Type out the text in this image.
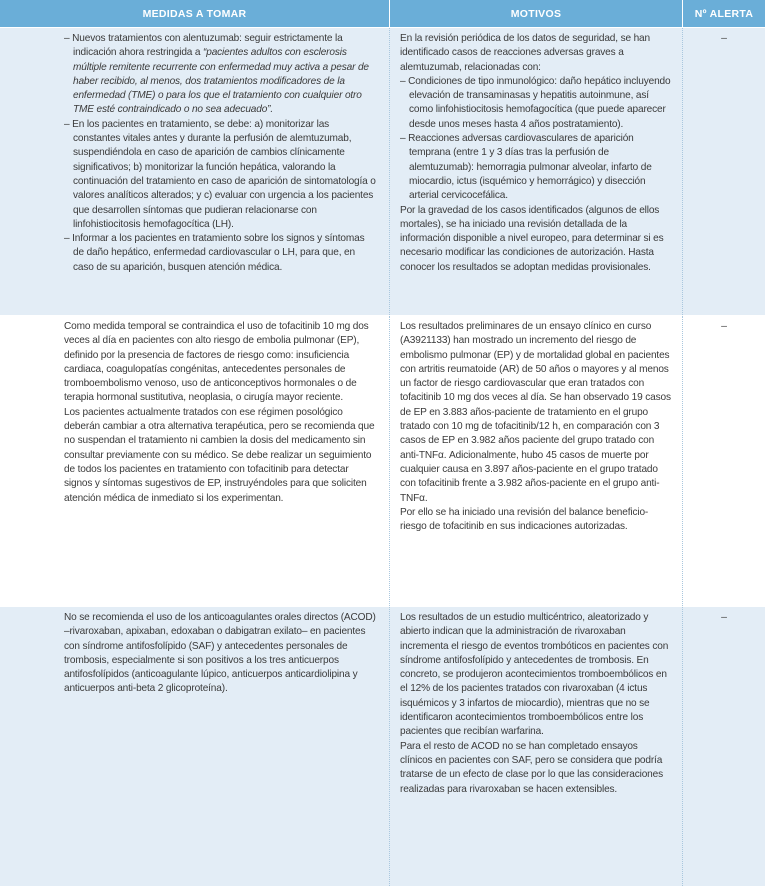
MEDIDAS A TOMAR	MOTIVOS	Nº ALERTA

– Nuevos tratamientos con alentuzumab: seguir estrictamente la indicación ahora restringida a “pacientes adultos con esclerosis múltiple remitente recurrente con enfermedad muy activa a pesar de haber recibido, al menos, dos tratamientos modificadores de la enfermedad (TME) o para los que el tratamiento con cualquier otro TME esté contraindicado o no sea adecuado”.

– En los pacientes en tratamiento, se debe: a) monitorizar las constantes vitales antes y durante la perfusión de alemtuzumab, suspendiéndola en caso de aparición de cambios clínicamente significativos; b) monitorizar la función hepática, valorando la continuación del tratamiento en caso de aparición de sintomatología o valores analíticos alterados; y c) evaluar con urgencia a los pacientes que desarrollen síntomas que pudieran relacionarse con linfohistiocitosis hemofagocítica (LH).

– Informar a los pacientes en tratamiento sobre los signos y síntomas de daño hepático, enfermedad cardiovascular o LH, para que, en caso de su aparición, busquen atención médica.

En la revisión periódica de los datos de seguridad, se han identificado casos de reacciones adversas graves a alemtuzumab, relacionadas con:

– Condiciones de tipo inmunológico: daño hepático incluyendo elevación de transaminasas y hepatitis autoinmune, así como linfohistiocitosis hemofagocítica (que puede aparecer desde unos meses hasta 4 años postratamiento).

– Reacciones adversas cardiovasculares de aparición temprana (entre 1 y 3 días tras la perfusión de alemtuzumab): hemorragia pulmonar alveolar, infarto de miocardio, ictus (isquémico y hemorrágico) y disección arterial cervicocefálica.

Por la gravedad de los casos identificados (algunos de ellos mortales), se ha iniciado una revisión detallada de la información disponible a nivel europeo, para determinar si es necesario modificar las condiciones de autorización. Hasta conocer los resultados se adoptan medidas provisionales.

–

Como medida temporal se contraindica el uso de tofacitinib 10 mg dos veces al día en pacientes con alto riesgo de embolia pulmonar (EP), definido por la presencia de factores de riesgo como: insuficiencia cardiaca, coagulopatías congénitas, antecedentes personales de tromboembolismo venoso, uso de anticonceptivos hormonales o de terapia hormonal sustitutiva, neoplasia, o cirugía mayor reciente.

Los pacientes actualmente tratados con ese régimen posológico deberán cambiar a otra alternativa terapéutica, pero se recomienda que no suspendan el tratamiento ni cambien la dosis del medicamento sin consultar previamente con su médico. Se debe realizar un seguimiento de todos los pacientes en tratamiento con tofacitinib para detectar signos y síntomas sugestivos de EP, instruyéndoles para que soliciten atención médica de inmediato si los experimentan.

Los resultados preliminares de un ensayo clínico en curso (A3921133) han mostrado un incremento del riesgo de embolismo pulmonar (EP) y de mortalidad global en pacientes con artritis reumatoide (AR) de 50 años o mayores y al menos un factor de riesgo cardiovascular que eran tratados con tofacitinib 10 mg dos veces al día. Se han observado 19 casos de EP en 3.883 años-paciente de tratamiento en el grupo tratado con 10 mg de tofacitinib/12 h, en comparación con 3 casos de EP en 3.982 años paciente del grupo tratado con anti-TNFα. Adicionalmente, hubo 45 casos de muerte por cualquier causa en 3.897 años-paciente en el grupo tratado con tofacitinib frente a 3.982 años-paciente en el grupo anti-TNFα.

Por ello se ha iniciado una revisión del balance beneficio-riesgo de tofacitinib en sus indicaciones autorizadas.

–

No se recomienda el uso de los anticoagulantes orales directos (ACOD) –rivaroxaban, apixaban, edoxaban o dabigatran exilato– en pacientes con síndrome antifosfolípido (SAF) y antecedentes personales de trombosis, especialmente si son positivos a los tres anticuerpos antifosfolípidos (anticoagulante lúpico, anticuerpos anticardiolipina y anticuerpos anti-beta 2 glicoproteína).

Los resultados de un estudio multicéntrico, aleatorizado y abierto indican que la administración de rivaroxaban incrementa el riesgo de eventos trombóticos en pacientes con síndrome antifosfolípido y antecedentes de trombosis. En concreto, se produjeron acontecimientos tromboembólicos en el 12% de los pacientes tratados con rivaroxaban (4 ictus isquémicos y 3 infartos de miocardio), mientras que no se identificaron acontecimientos tromboembólicos entre los pacientes que recibían warfarina.

Para el resto de ACOD no se han completado ensayos clínicos en pacientes con SAF, pero se considera que podría tratarse de un efecto de clase por lo que las consideraciones realizadas para rivaroxaban se hacen extensibles.

–
